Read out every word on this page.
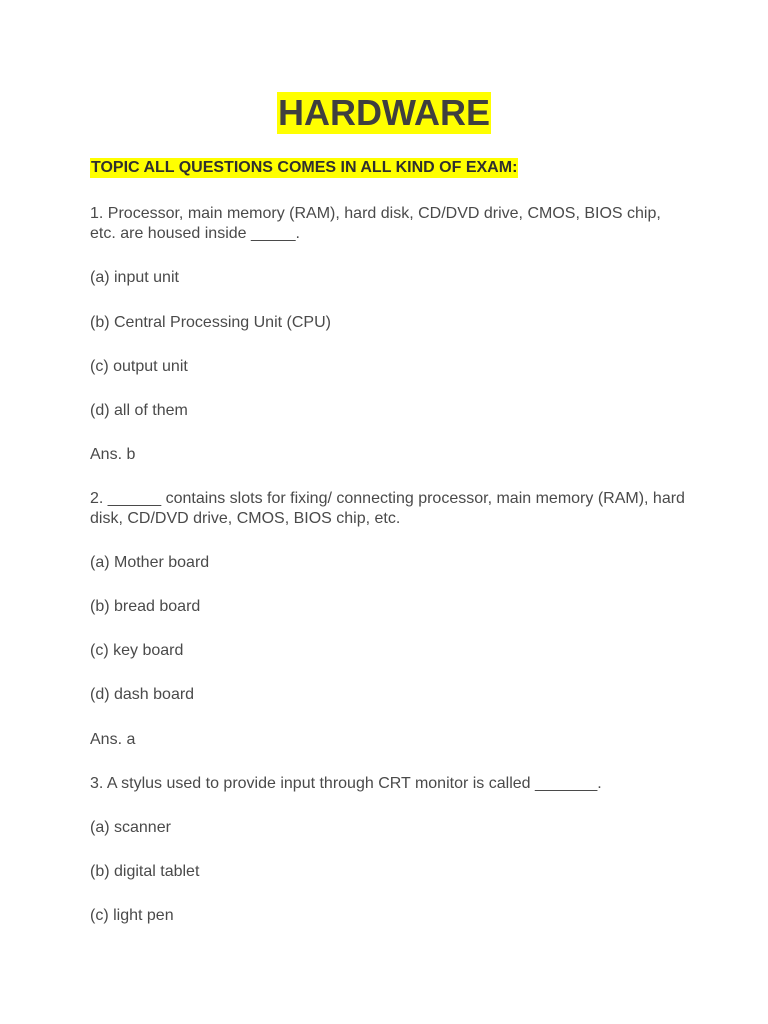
HARDWARE
TOPIC ALL QUESTIONS COMES IN ALL KIND OF EXAM:

1. Processor, main memory (RAM), hard disk, CD/DVD drive, CMOS, BIOS chip, etc. are housed inside _____.

(a) input unit

(b) Central Processing Unit (CPU)

(c) output unit

(d) all of them

Ans. b

2. ______ contains slots for fixing/ connecting processor, main memory (RAM), hard disk, CD/DVD drive, CMOS, BIOS chip, etc.

(a) Mother board

(b) bread board

(c) key board

(d) dash board

Ans. a

3. A stylus used to provide input through CRT monitor is called _______.

(a) scanner

(b) digital tablet

(c) light pen
